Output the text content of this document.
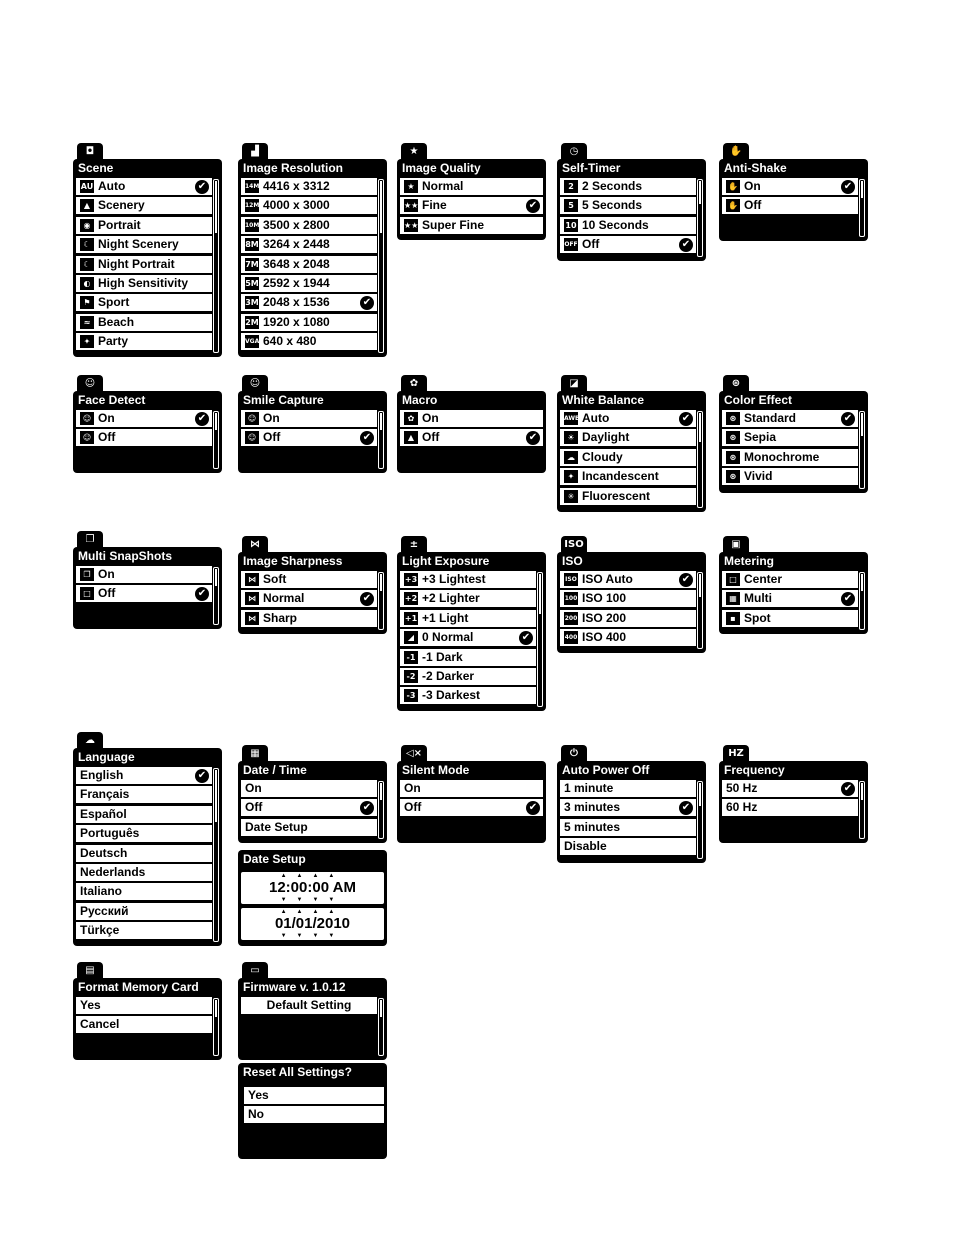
◘
Scene
AU Auto	✔
▲ Scenery
◉ Portrait
☾ Night Scenery
☾ Night Portrait
◐ High Sensitivity
⚑ Sport
≈ Beach
✦ Party
▟
Image Resolution
14M 4416 x 3312
12M 4000 x 3000
10M 3500 x 2800
8M 3264 x 2448
7M 3648 x 2048
5M 2592 x 1944
3M 2048 x 1536	✔
2M 1920 x 1080
VGA 640 x 480
★
Image Quality
★ Normal
★★ Fine	✔
★★ Super Fine
◷
Self-Timer
2 2 Seconds
5 5 Seconds
10 10 Seconds
OFF Off	✔
✋
Anti-Shake
✋ On	✔
✋ Off
☺
Face Detect
☺ On	✔
☺ Off
☺
Smile Capture
☺ On
☺ Off	✔
✿
Macro
✿ On
▲ Off	✔
◪
White Balance
AWB Auto	✔
☀ Daylight
☁ Cloudy
✦ Incandescent
✳ Fluorescent
⊛
Color Effect
⊛ Standard	✔
⊛ Sepia
⊛ Monochrome
⊛ Vivid
❐
Multi SnapShots
❐ On
□ Off	✔
⋈
Image Sharpness
⋈ Soft
⋈ Normal	✔
⋈ Sharp
±
Light Exposure
+3 +3 Lightest
+2 +2 Lighter
+1 +1 Light
◢ 0 Normal	✔
-1 -1 Dark
-2 -2 Darker
-3 -3 Darkest
ISO
ISO
ISO ISO Auto	✔
100 ISO 100
200 ISO 200
400 ISO 400
▣
Metering
□ Center
▦ Multi	✔
▪ Spot
☁
Language
English	✔
Français
Español
Português
Deutsch
Nederlands
Italiano
Русский
Türkçe
▦
Date / Time
On
Off	✔
Date Setup
◁×
Silent Mode
On
Off	✔
⏻
Auto Power Off
1 minute
3 minutes	✔
5 minutes
Disable
HZ
Frequency
50 Hz	✔
60 Hz
▤
Format Memory Card
Yes
Cancel
▭
Firmware v. 1.0.12
Default Setting
Reset All Settings?
Yes
No
Date Setup
▲▲▲▲
12:00:00 AM
▼▼▼▼
▲▲▲▲
01/01/2010
▼▼▼▼
